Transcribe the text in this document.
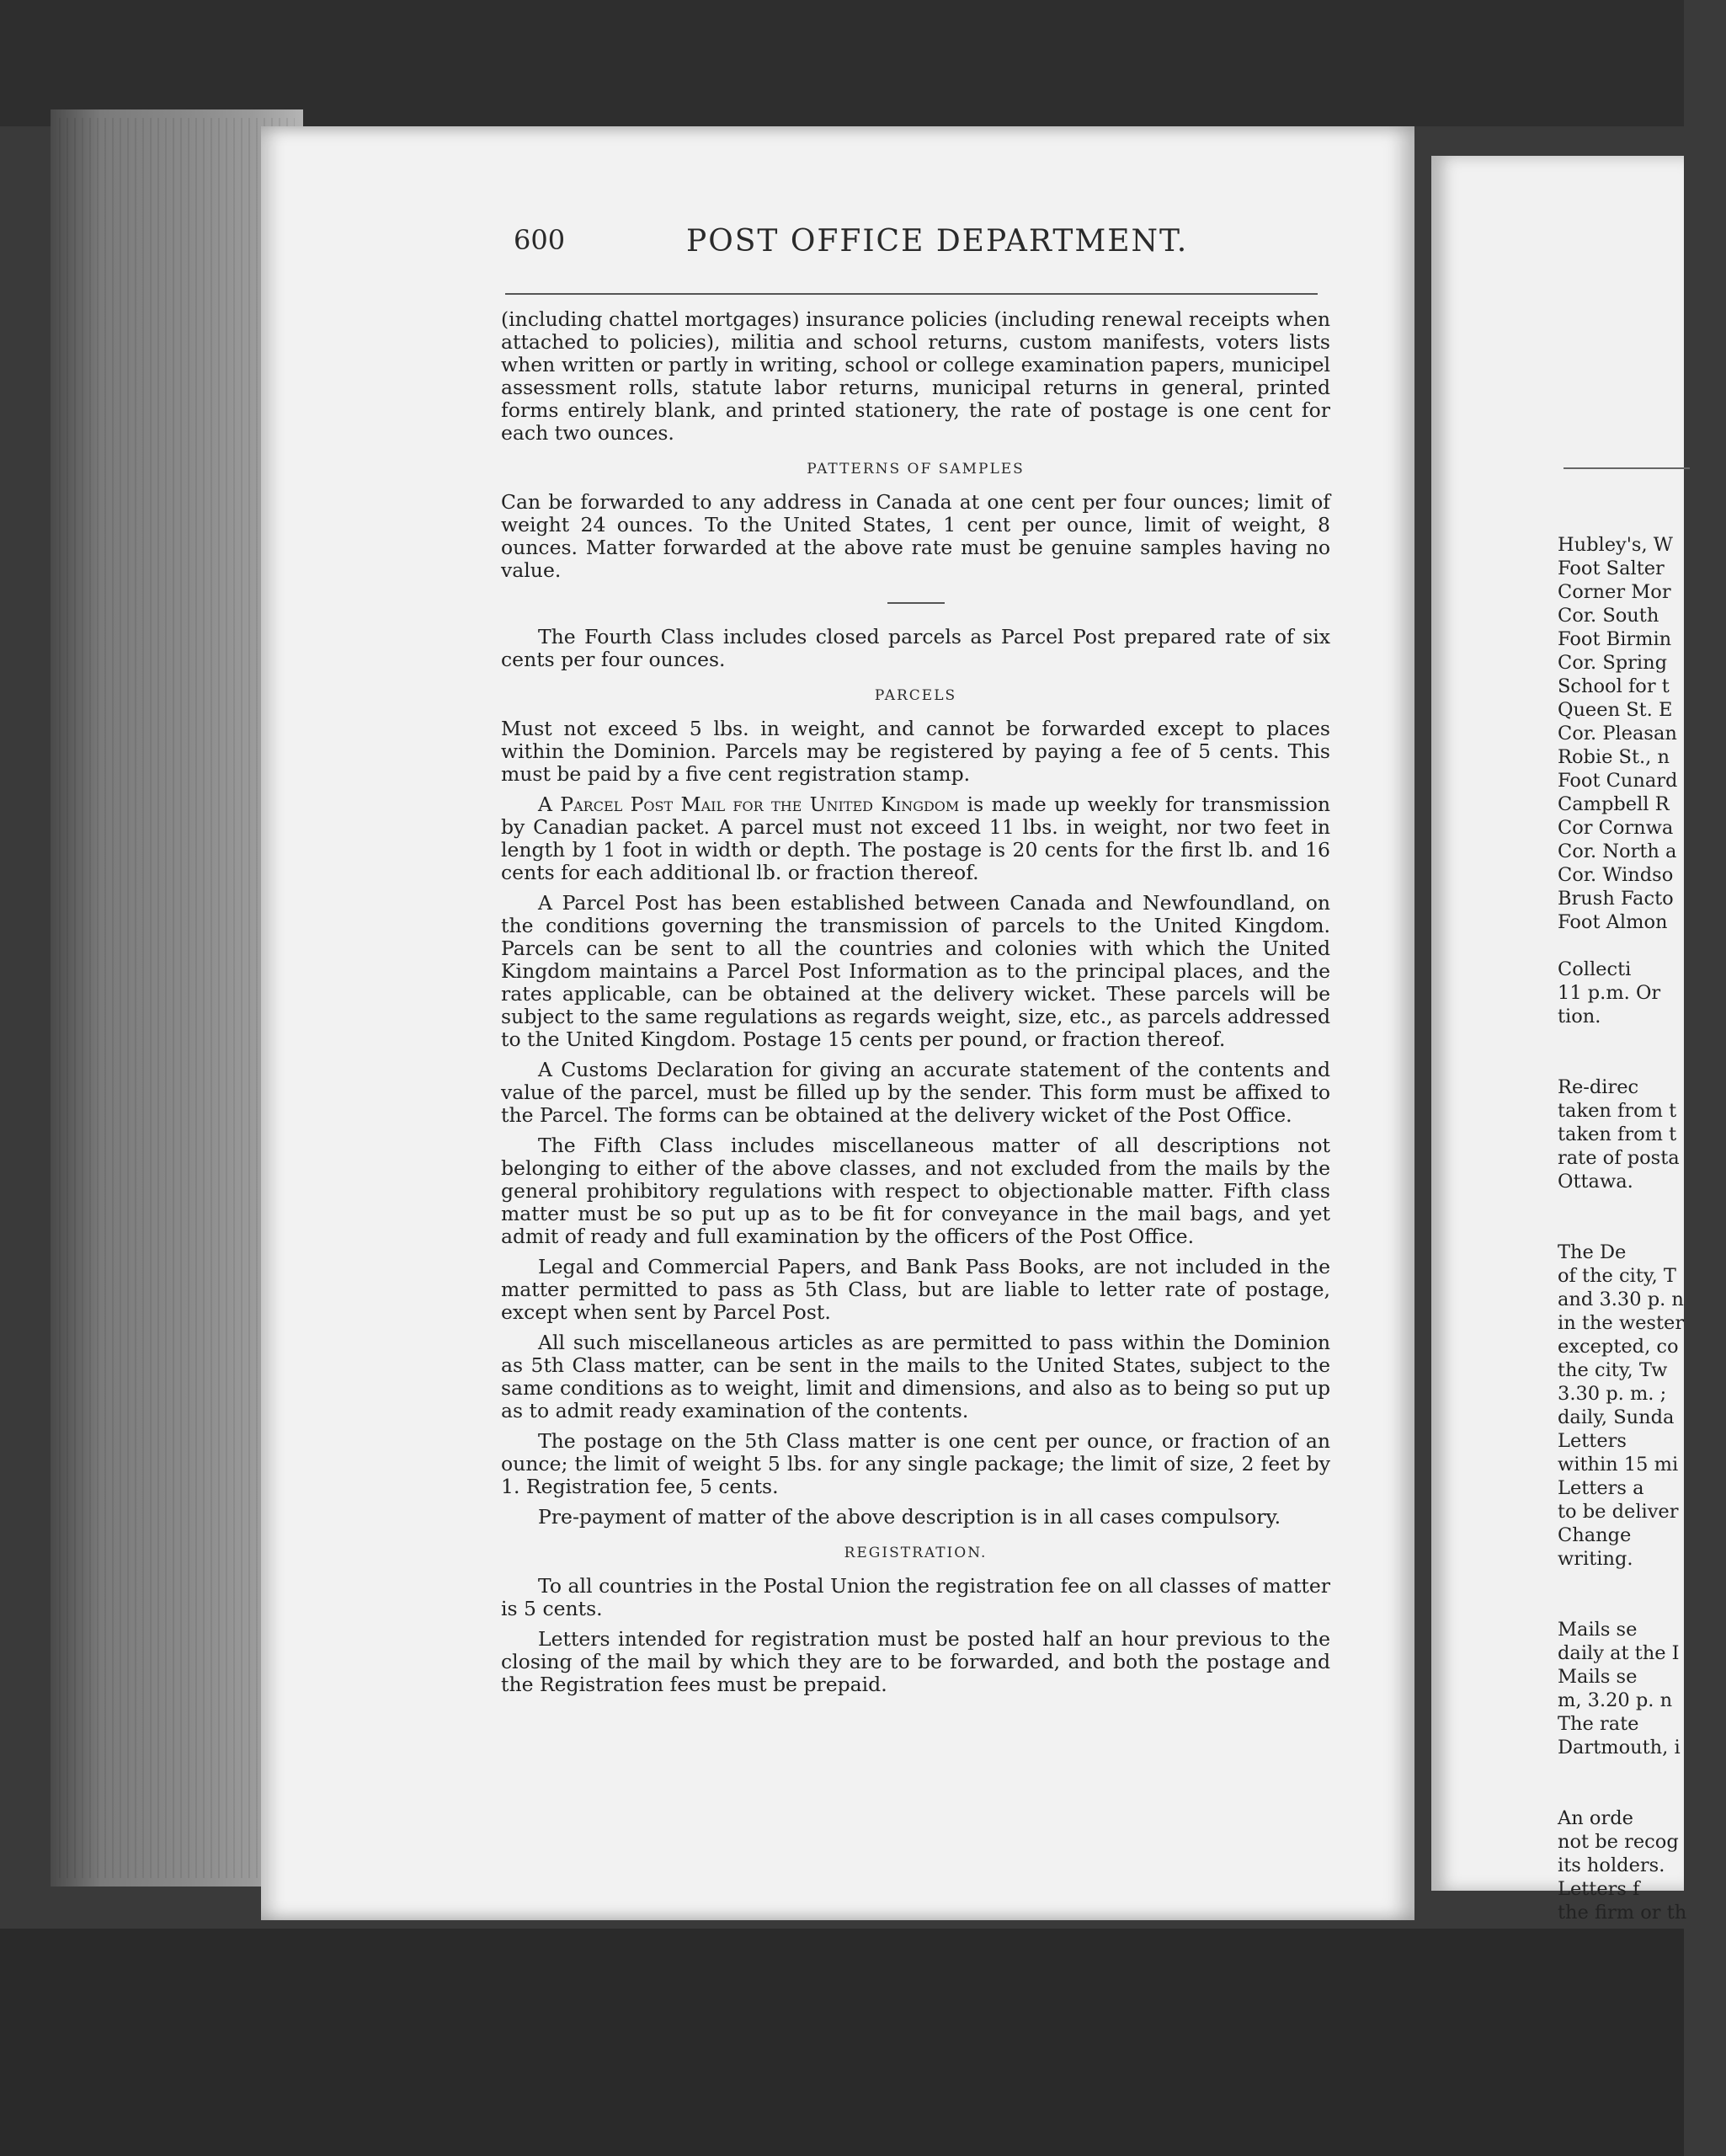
600	POST OFFICE DEPARTMENT.

(including chattel mortgages) insurance policies (including renewal receipts when attached to policies), militia and school returns, custom manifests, voters lists when written or partly in writing, school or college examination papers, municipel assessment rolls, statute labor returns, municipal returns in general, printed forms entirely blank, and printed stationery, the rate of postage is one cent for each two ounces.

PATTERNS OF SAMPLES

Can be forwarded to any address in Canada at one cent per four ounces; limit of weight 24 ounces. To the United States, 1 cent per ounce, limit of weight, 8 ounces. Matter forwarded at the above rate must be genuine samples having no value.

The Fourth Class includes closed parcels as Parcel Post prepared rate of six cents per four ounces.

PARCELS

Must not exceed 5 lbs. in weight, and cannot be forwarded except to places within the Dominion. Parcels may be registered by paying a fee of 5 cents. This must be paid by a five cent registration stamp.

A Parcel Post Mail for the United Kingdom is made up weekly for transmission by Canadian packet. A parcel must not exceed 11 lbs. in weight, nor two feet in length by 1 foot in width or depth. The postage is 20 cents for the first lb. and 16 cents for each additional lb. or fraction thereof.

A Parcel Post has been established between Canada and Newfoundland, on the conditions governing the transmission of parcels to the United Kingdom. Parcels can be sent to all the countries and colonies with which the United Kingdom maintains a Parcel Post Information as to the principal places, and the rates applicable, can be obtained at the delivery wicket. These parcels will be subject to the same regulations as regards weight, size, etc., as parcels addressed to the United Kingdom. Postage 15 cents per pound, or fraction thereof.

A Customs Declaration for giving an accurate statement of the contents and value of the parcel, must be filled up by the sender. This form must be affixed to the Parcel. The forms can be obtained at the delivery wicket of the Post Office.

The Fifth Class includes miscellaneous matter of all descriptions not belonging to either of the above classes, and not excluded from the mails by the general prohibitory regulations with respect to objectionable matter. Fifth class matter must be so put up as to be fit for conveyance in the mail bags, and yet admit of ready and full examination by the officers of the Post Office.

Legal and Commercial Papers, and Bank Pass Books, are not included in the matter permitted to pass as 5th Class, but are liable to letter rate of postage, except when sent by Parcel Post.

All such miscellaneous articles as are permitted to pass within the Dominion as 5th Class matter, can be sent in the mails to the United States, subject to the same conditions as to weight, limit and dimensions, and also as to being so put up as to admit ready examination of the contents.

The postage on the 5th Class matter is one cent per ounce, or fraction of an ounce; the limit of weight 5 lbs. for any single package; the limit of size, 2 feet by 1. Registration fee, 5 cents.

Pre-payment of matter of the above description is in all cases compulsory.

REGISTRATION.

To all countries in the Postal Union the registration fee on all classes of matter is 5 cents.

Letters intended for registration must be posted half an hour previous to the closing of the mail by which they are to be forwarded, and both the postage and the Registration fees must be prepaid.

Hubley's, W
Foot Salter
Corner Mor
Cor. South
Foot Birmin
Cor. Spring
School for t
Queen St. E
Cor. Pleasan
Robie St., n
Foot Cunard
Campbell R
Cor Cornwa
Cor. North a
Cor. Windso
Brush Facto
Foot Almon

Collecti
11 p.m. Or
tion.

Re-direc
taken from t
taken from t
rate of posta
Ottawa.

The De
of the city, T
and 3.30 p. n
in the wester
excepted, co
the city, Tw
3.30 p. m. ;
daily, Sunda
Letters
within 15 mi
Letters a
to be deliver
Change
writing.

Mails se
daily at the I
Mails se
m, 3.20 p. n
The rate
Dartmouth, i

An orde
not be recog
its holders.
Letters f
the firm or th
